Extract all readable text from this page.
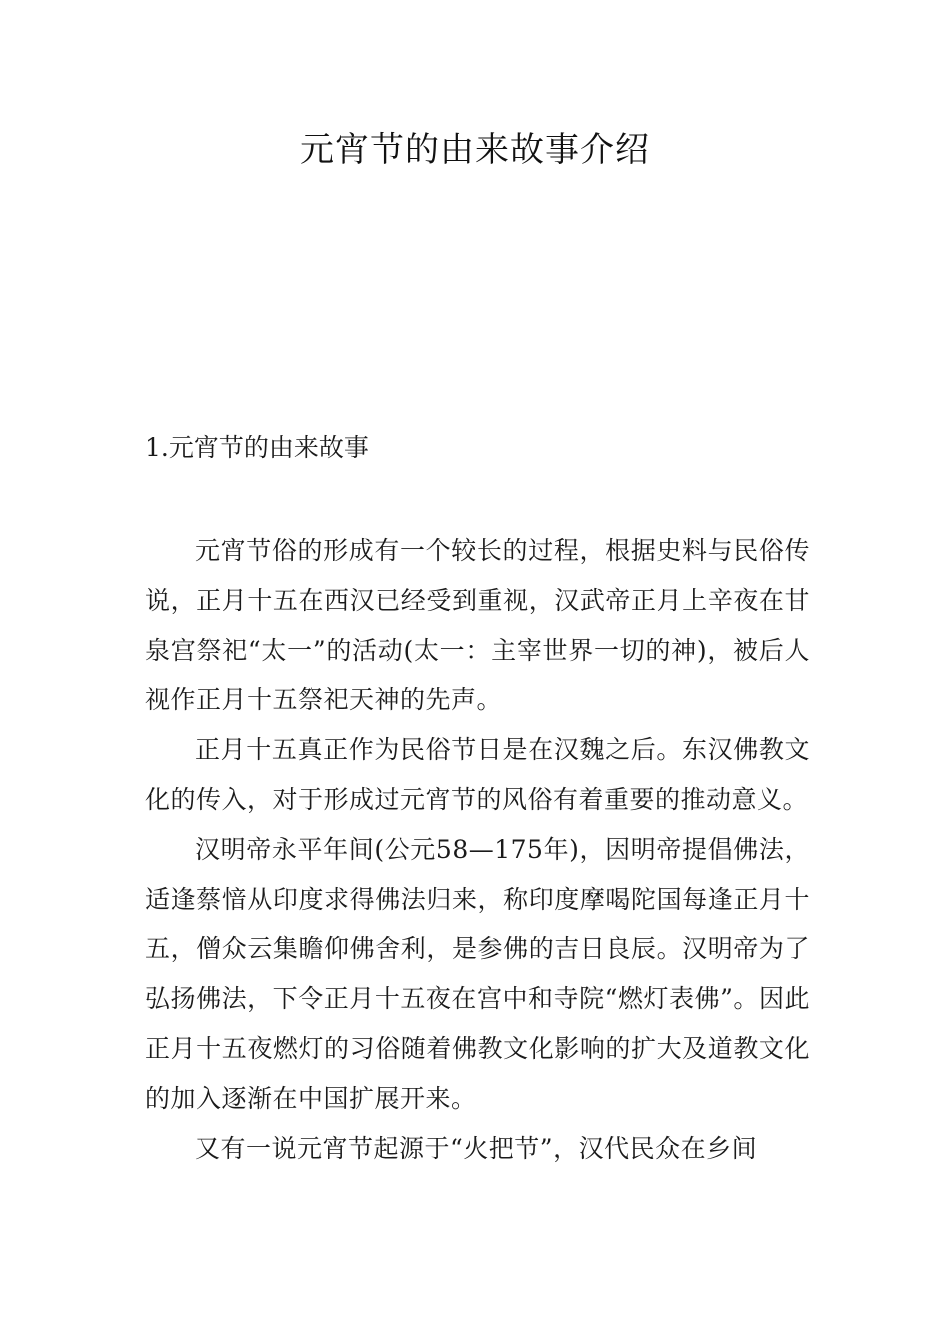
元宵节的由来故事介绍
1.元宵节的由来故事

元宵节俗的形成有一个较长的过程，根据史料与民俗传说，正月十五在西汉已经受到重视，汉武帝正月上辛夜在甘泉宫祭祀“太一”的活动(太一：主宰世界一切的神)，被后人视作正月十五祭祀天神的先声。

正月十五真正作为民俗节日是在汉魏之后。东汉佛教文化的传入，对于形成过元宵节的风俗有着重要的推动意义。

汉明帝永平年间(公元58—175年)，因明帝提倡佛法，适逢蔡愔从印度求得佛法归来，称印度摩喝陀国每逢正月十五，僧众云集瞻仰佛舍利，是参佛的吉日良辰。汉明帝为了弘扬佛法，下令正月十五夜在宫中和寺院“燃灯表佛”。因此正月十五夜燃灯的习俗随着佛教文化影响的扩大及道教文化的加入逐渐在中国扩展开来。

又有一说元宵节起源于“火把节”，汉代民众在乡间
